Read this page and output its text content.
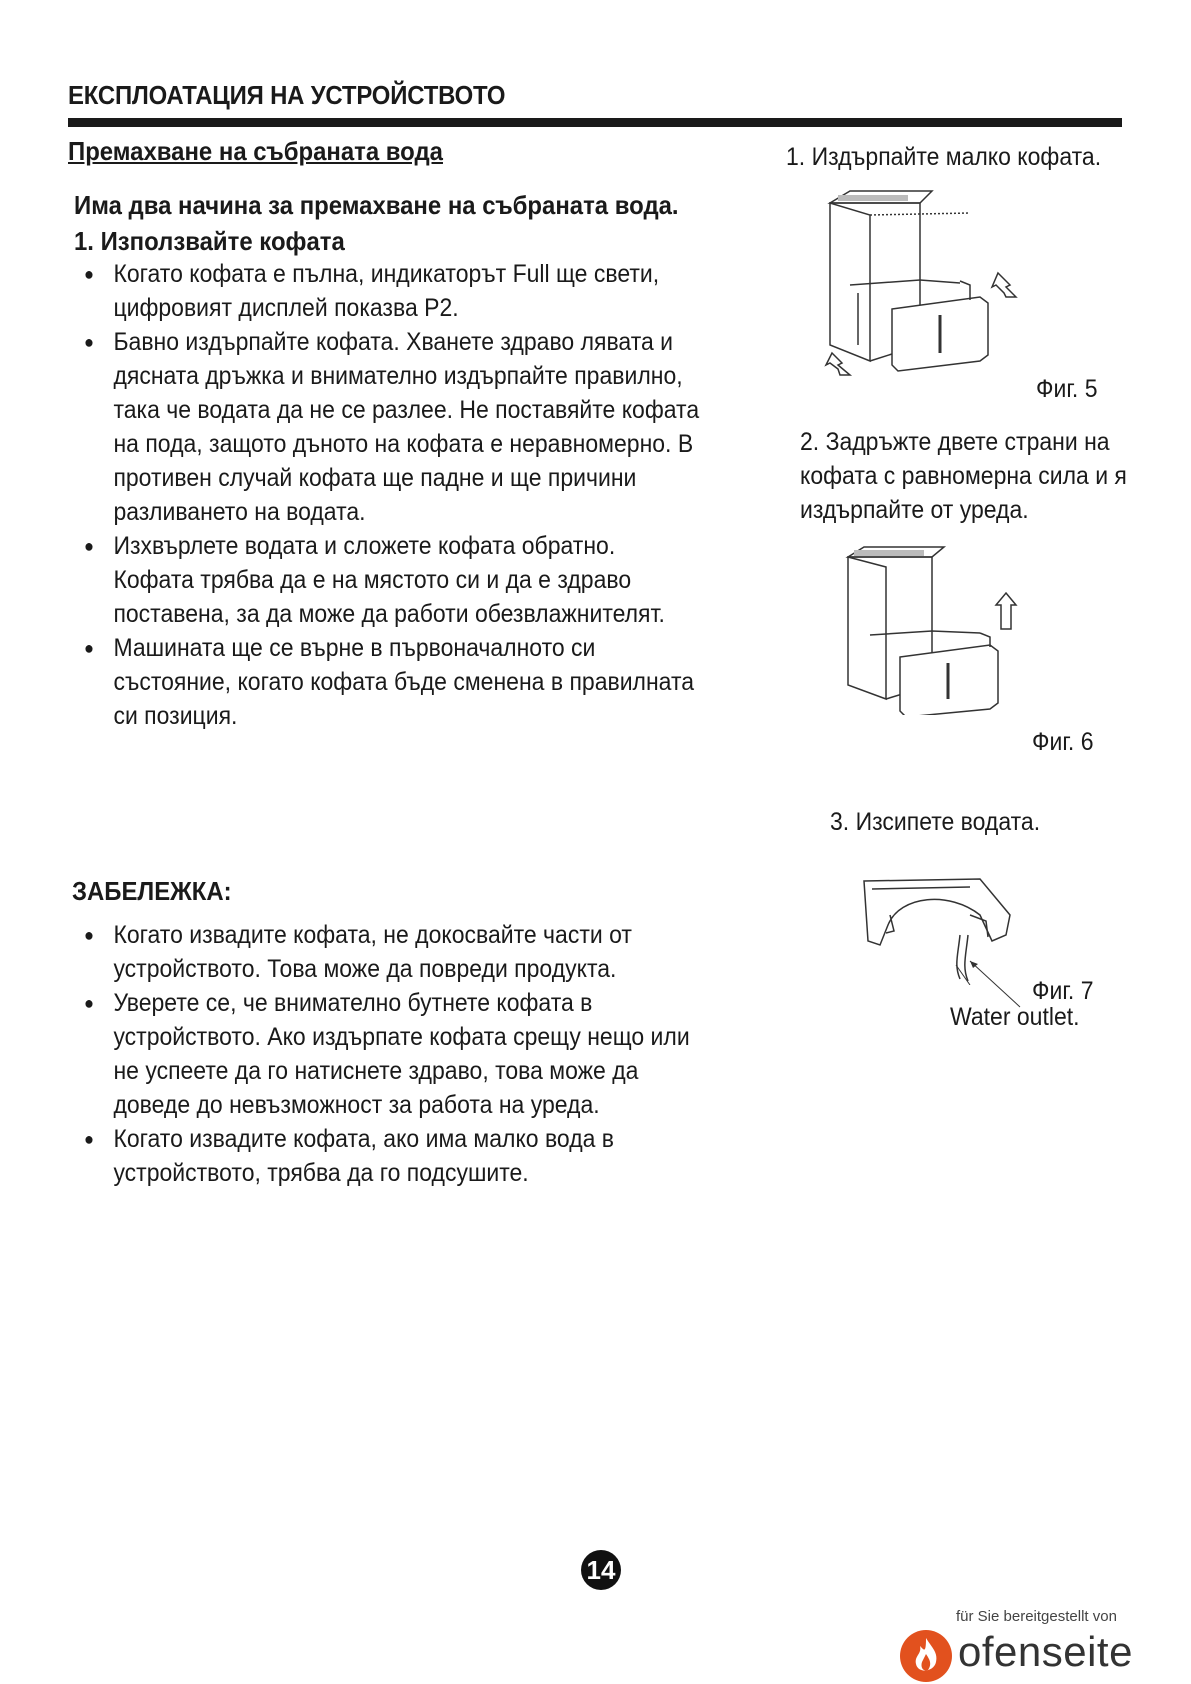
ЕКСПЛОАТАЦИЯ НА УСТРОЙСТВОТО
Премахване на събраната вода
Има два начина за премахване на събраната вода.
1. Използвайте кофата
● Когато кофата е пълна, индикаторът Full ще свети, цифровият дисплей показва P2.
● Бавно издърпайте кофата. Хванете здраво лявата и дясната дръжка и внимателно издърпайте правилно, така че водата да не се разлее. Не поставяйте кофата на пода, защото дъното на кофата е неравномерно. В противен случай кофата ще падне и ще причини разливането на водата.
● Изхвърлете водата и сложете кофата обратно. Кофата трябва да е на мястото си и да е здраво поставена, за да може да работи обезвлажнителят.
● Машината ще се върне в първоначалното си състояние, когато кофата бъде сменена в правилната си позиция.
ЗАБЕЛЕЖКА:
● Когато извадите кофата, не докосвайте части от устройството. Това може да повреди продукта.
● Уверете се, че внимателно бутнете кофата в устройството. Ако издърпате кофата срещу нещо или не успеете да го натиснете здраво, това може да доведе до невъзможност за работа на уреда.
● Когато извадите кофата, ако има малко вода в устройството, трябва да го подсушите.
1. Издърпайте малко кофата.
Фиг. 5
2. Задръжте двете страни на кофата с равномерна сила и я издърпайте от уреда.
Фиг. 6
3. Изсипете водата.
Фиг. 7
Water outlet.
14
für Sie bereitgestellt von
ofenseite
